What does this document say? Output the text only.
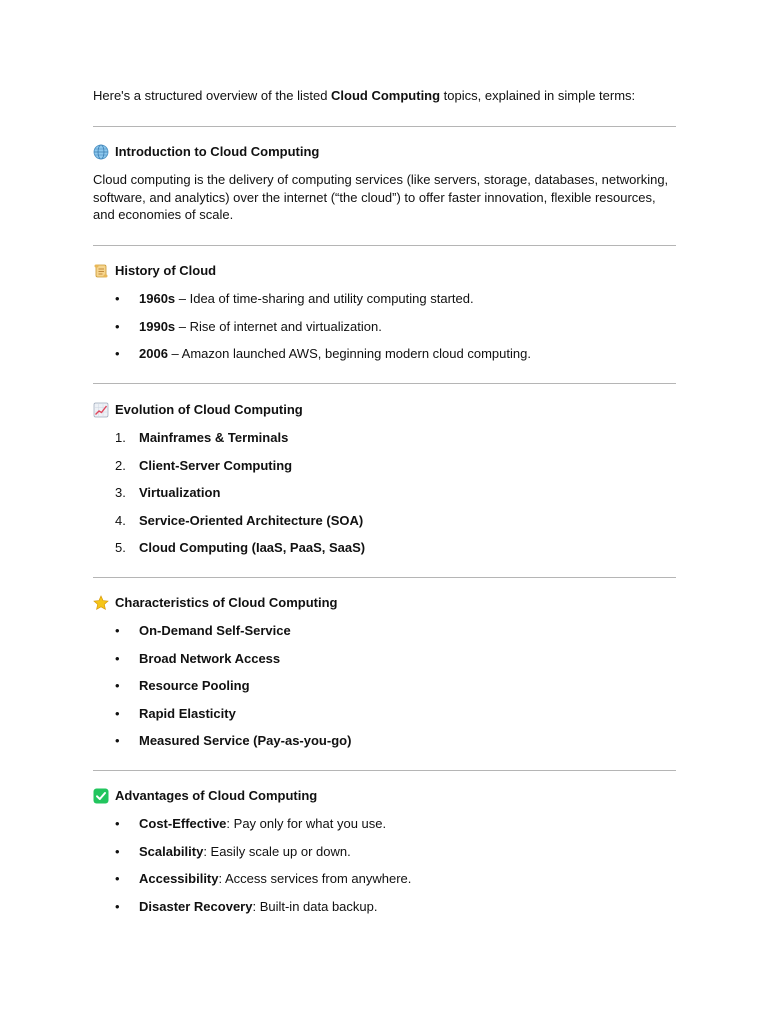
Here's a structured overview of the listed Cloud Computing topics, explained in simple terms:
Introduction to Cloud Computing
Cloud computing is the delivery of computing services (like servers, storage, databases, networking, software, and analytics) over the internet (“the cloud”) to offer faster innovation, flexible resources, and economies of scale.
History of Cloud
•	1960s – Idea of time-sharing and utility computing started.
•	1990s – Rise of internet and virtualization.
•	2006 – Amazon launched AWS, beginning modern cloud computing.
Evolution of Cloud Computing
1.	Mainframes & Terminals
2.	Client-Server Computing
3.	Virtualization
4.	Service-Oriented Architecture (SOA)
5.	Cloud Computing (IaaS, PaaS, SaaS)
Characteristics of Cloud Computing
•	On-Demand Self-Service
•	Broad Network Access
•	Resource Pooling
•	Rapid Elasticity
•	Measured Service (Pay-as-you-go)
Advantages of Cloud Computing
•	Cost-Effective: Pay only for what you use.
•	Scalability: Easily scale up or down.
•	Accessibility: Access services from anywhere.
•	Disaster Recovery: Built-in data backup.
